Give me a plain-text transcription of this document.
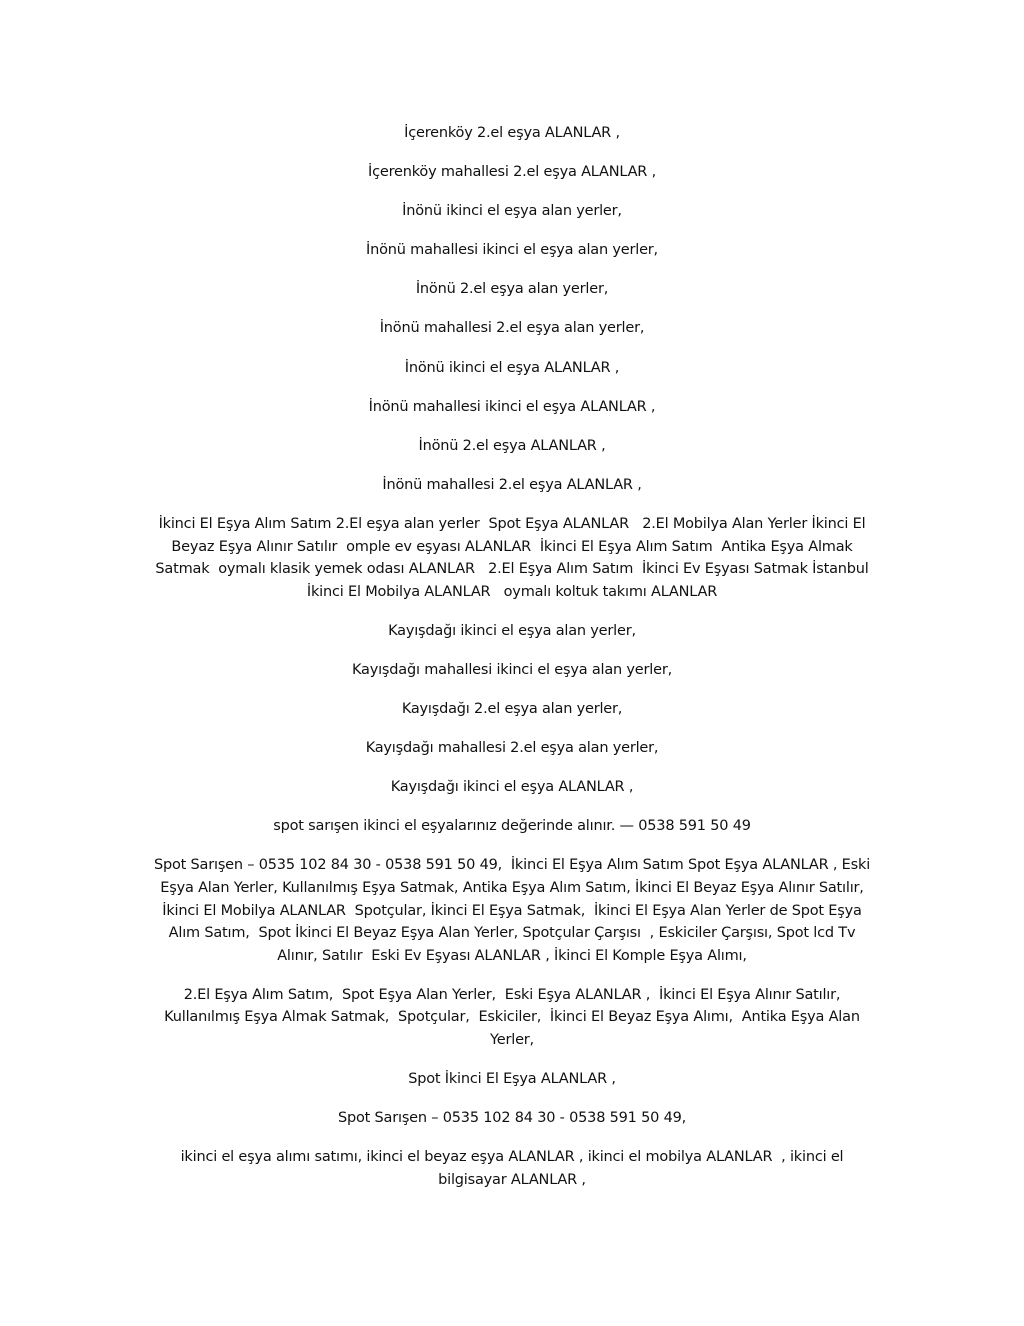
İçerenköy 2.el eşya ALANLAR ,

İçerenköy mahallesi 2.el eşya ALANLAR ,

İnönü ikinci el eşya alan yerler,

İnönü mahallesi ikinci el eşya alan yerler,

İnönü 2.el eşya alan yerler,

İnönü mahallesi 2.el eşya alan yerler,

İnönü ikinci el eşya ALANLAR ,

İnönü mahallesi ikinci el eşya ALANLAR ,

İnönü 2.el eşya ALANLAR ,

İnönü mahallesi 2.el eşya ALANLAR ,

İkinci El Eşya Alım Satım 2.El eşya alan yerler  Spot Eşya ALANLAR   2.El Mobilya Alan Yerler İkinci El Beyaz Eşya Alınır Satılır  omple ev eşyası ALANLAR  İkinci El Eşya Alım Satım  Antika Eşya Almak Satmak  oymalı klasik yemek odası ALANLAR   2.El Eşya Alım Satım  İkinci Ev Eşyası Satmak İstanbul  İkinci El Mobilya ALANLAR   oymalı koltuk takımı ALANLAR

Kayışdağı ikinci el eşya alan yerler,

Kayışdağı mahallesi ikinci el eşya alan yerler,

Kayışdağı 2.el eşya alan yerler,

Kayışdağı mahallesi 2.el eşya alan yerler,

Kayışdağı ikinci el eşya ALANLAR ,

spot sarışen ikinci el eşyalarınız değerinde alınır. — 0538 591 50 49

Spot Sarışen – 0535 102 84 30 - 0538 591 50 49,  İkinci El Eşya Alım Satım Spot Eşya ALANLAR , Eski Eşya Alan Yerler, Kullanılmış Eşya Satmak, Antika Eşya Alım Satım, İkinci El Beyaz Eşya Alınır Satılır, İkinci El Mobilya ALANLAR  Spotçular, İkinci El Eşya Satmak,  İkinci El Eşya Alan Yerler de Spot Eşya Alım Satım,  Spot İkinci El Beyaz Eşya Alan Yerler, Spotçular Çarşısı  , Eskiciler Çarşısı, Spot lcd Tv Alınır, Satılır  Eski Ev Eşyası ALANLAR , İkinci El Komple Eşya Alımı,

2.El Eşya Alım Satım,  Spot Eşya Alan Yerler,  Eski Eşya ALANLAR ,  İkinci El Eşya Alınır Satılır, Kullanılmış Eşya Almak Satmak,  Spotçular,  Eskiciler,  İkinci El Beyaz Eşya Alımı,  Antika Eşya Alan Yerler,

Spot İkinci El Eşya ALANLAR ,

Spot Sarışen – 0535 102 84 30 - 0538 591 50 49,

ikinci el eşya alımı satımı, ikinci el beyaz eşya ALANLAR , ikinci el mobilya ALANLAR  , ikinci el bilgisayar ALANLAR ,
